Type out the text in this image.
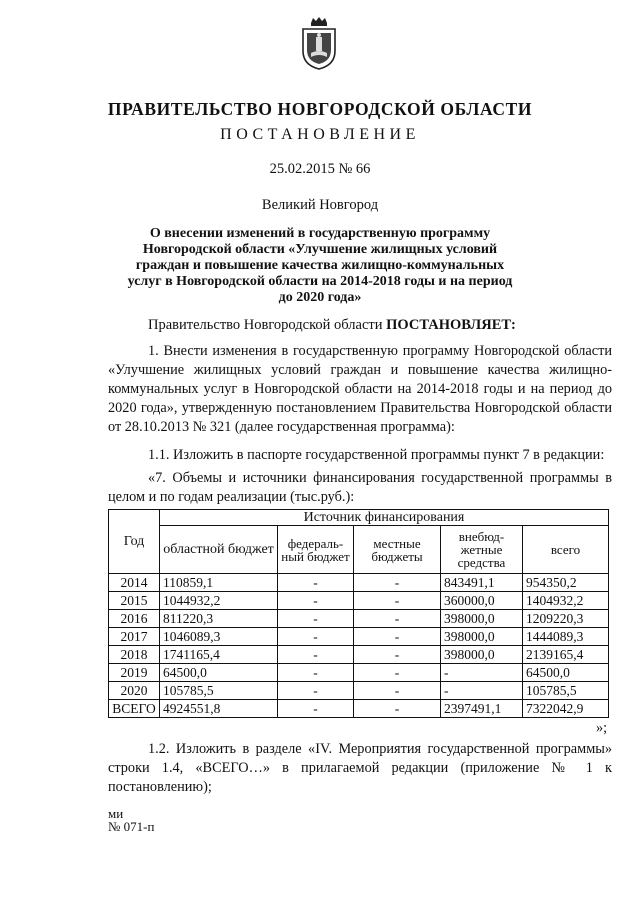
ПРАВИТЕЛЬСТВО НОВГОРОДСКОЙ ОБЛАСТИ
ПОСТАНОВЛЕНИЕ
25.02.2015 № 66
Великий Новгород
О внесении изменений в государственную программу Новгородской области «Улучшение жилищных условий граждан и повышение качества жилищно-коммунальных услуг в Новгородской области на 2014-2018 годы и на период до 2020 года»
Правительство Новгородской области ПОСТАНОВЛЯЕТ:
1. Внести изменения в государственную программу Новгородской области «Улучшение жилищных условий граждан и повышение качества жилищно-коммунальных услуг в Новгородской области на 2014-2018 годы и на период до 2020 года», утвержденную постановлением Правительства Новгородской области от 28.10.2013 № 321 (далее государственная программа):
1.1. Изложить в паспорте государственной программы пункт 7 в редакции:
«7. Объемы и источники финансирования государственной программы в целом и по годам реализации (тыс.руб.):
Год	Источник финансирования				
	областной бюджет	федераль-ный бюджет	местные бюджеты	внебюд-жетные средства	всего
2014	110859,1	-	-	843491,1	954350,2
2015	1044932,2	-	-	360000,0	1404932,2
2016	811220,3	-	-	398000,0	1209220,3
2017	1046089,3	-	-	398000,0	1444089,3
2018	1741165,4	-	-	398000,0	2139165,4
2019	64500,0	-	-	-	64500,0
2020	105785,5	-	-	-	105785,5
ВСЕГО	4924551,8	-	-	2397491,1	7322042,9
»;
1.2. Изложить в разделе «IV. Мероприятия государственной программы» строки 1.4, «ВСЕГО…» в прилагаемой редакции (приложение № 1 к постановлению);
ми
№ 071-п
